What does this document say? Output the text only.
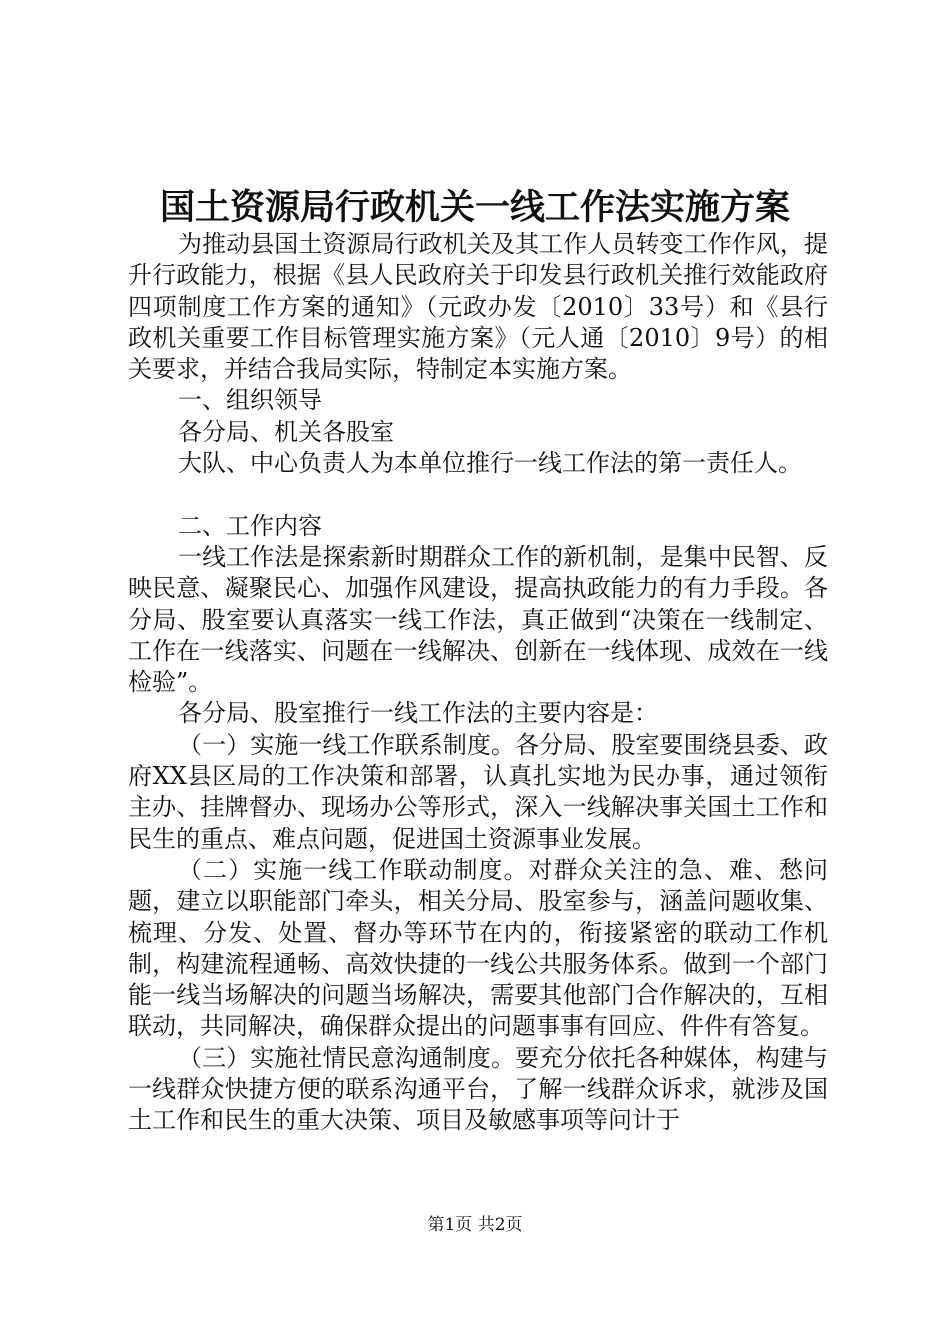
国土资源局行政机关一线工作法实施方案

为推动县国土资源局行政机关及其工作人员转变工作作风，提升行政能力，根据《县人民政府关于印发县行政机关推行效能政府四项制度工作方案的通知》（元政办发〔2010〕33号）和《县行政机关重要工作目标管理实施方案》（元人通〔2010〕9号）的相关要求，并结合我局实际，特制定本实施方案。

一、组织领导

各分局、机关各股室

大队、中心负责人为本单位推行一线工作法的第一责任人。

二、工作内容

一线工作法是探索新时期群众工作的新机制，是集中民智、反映民意、凝聚民心、加强作风建设，提高执政能力的有力手段。各分局、股室要认真落实一线工作法，真正做到“决策在一线制定、工作在一线落实、问题在一线解决、创新在一线体现、成效在一线检验”。

各分局、股室推行一线工作法的主要内容是：

（一）实施一线工作联系制度。各分局、股室要围绕县委、政府XX县区局的工作决策和部署，认真扎实地为民办事，通过领衔主办、挂牌督办、现场办公等形式，深入一线解决事关国土工作和民生的重点、难点问题，促进国土资源事业发展。

（二）实施一线工作联动制度。对群众关注的急、难、愁问题，建立以职能部门牵头，相关分局、股室参与，涵盖问题收集、梳理、分发、处置、督办等环节在内的，衔接紧密的联动工作机制，构建流程通畅、高效快捷的一线公共服务体系。做到一个部门能一线当场解决的问题当场解决，需要其他部门合作解决的，互相联动，共同解决，确保群众提出的问题事事有回应、件件有答复。

（三）实施社情民意沟通制度。要充分依托各种媒体，构建与一线群众快捷方便的联系沟通平台，了解一线群众诉求，就涉及国土工作和民生的重大决策、项目及敏感事项等问计于

第1页 共2页
